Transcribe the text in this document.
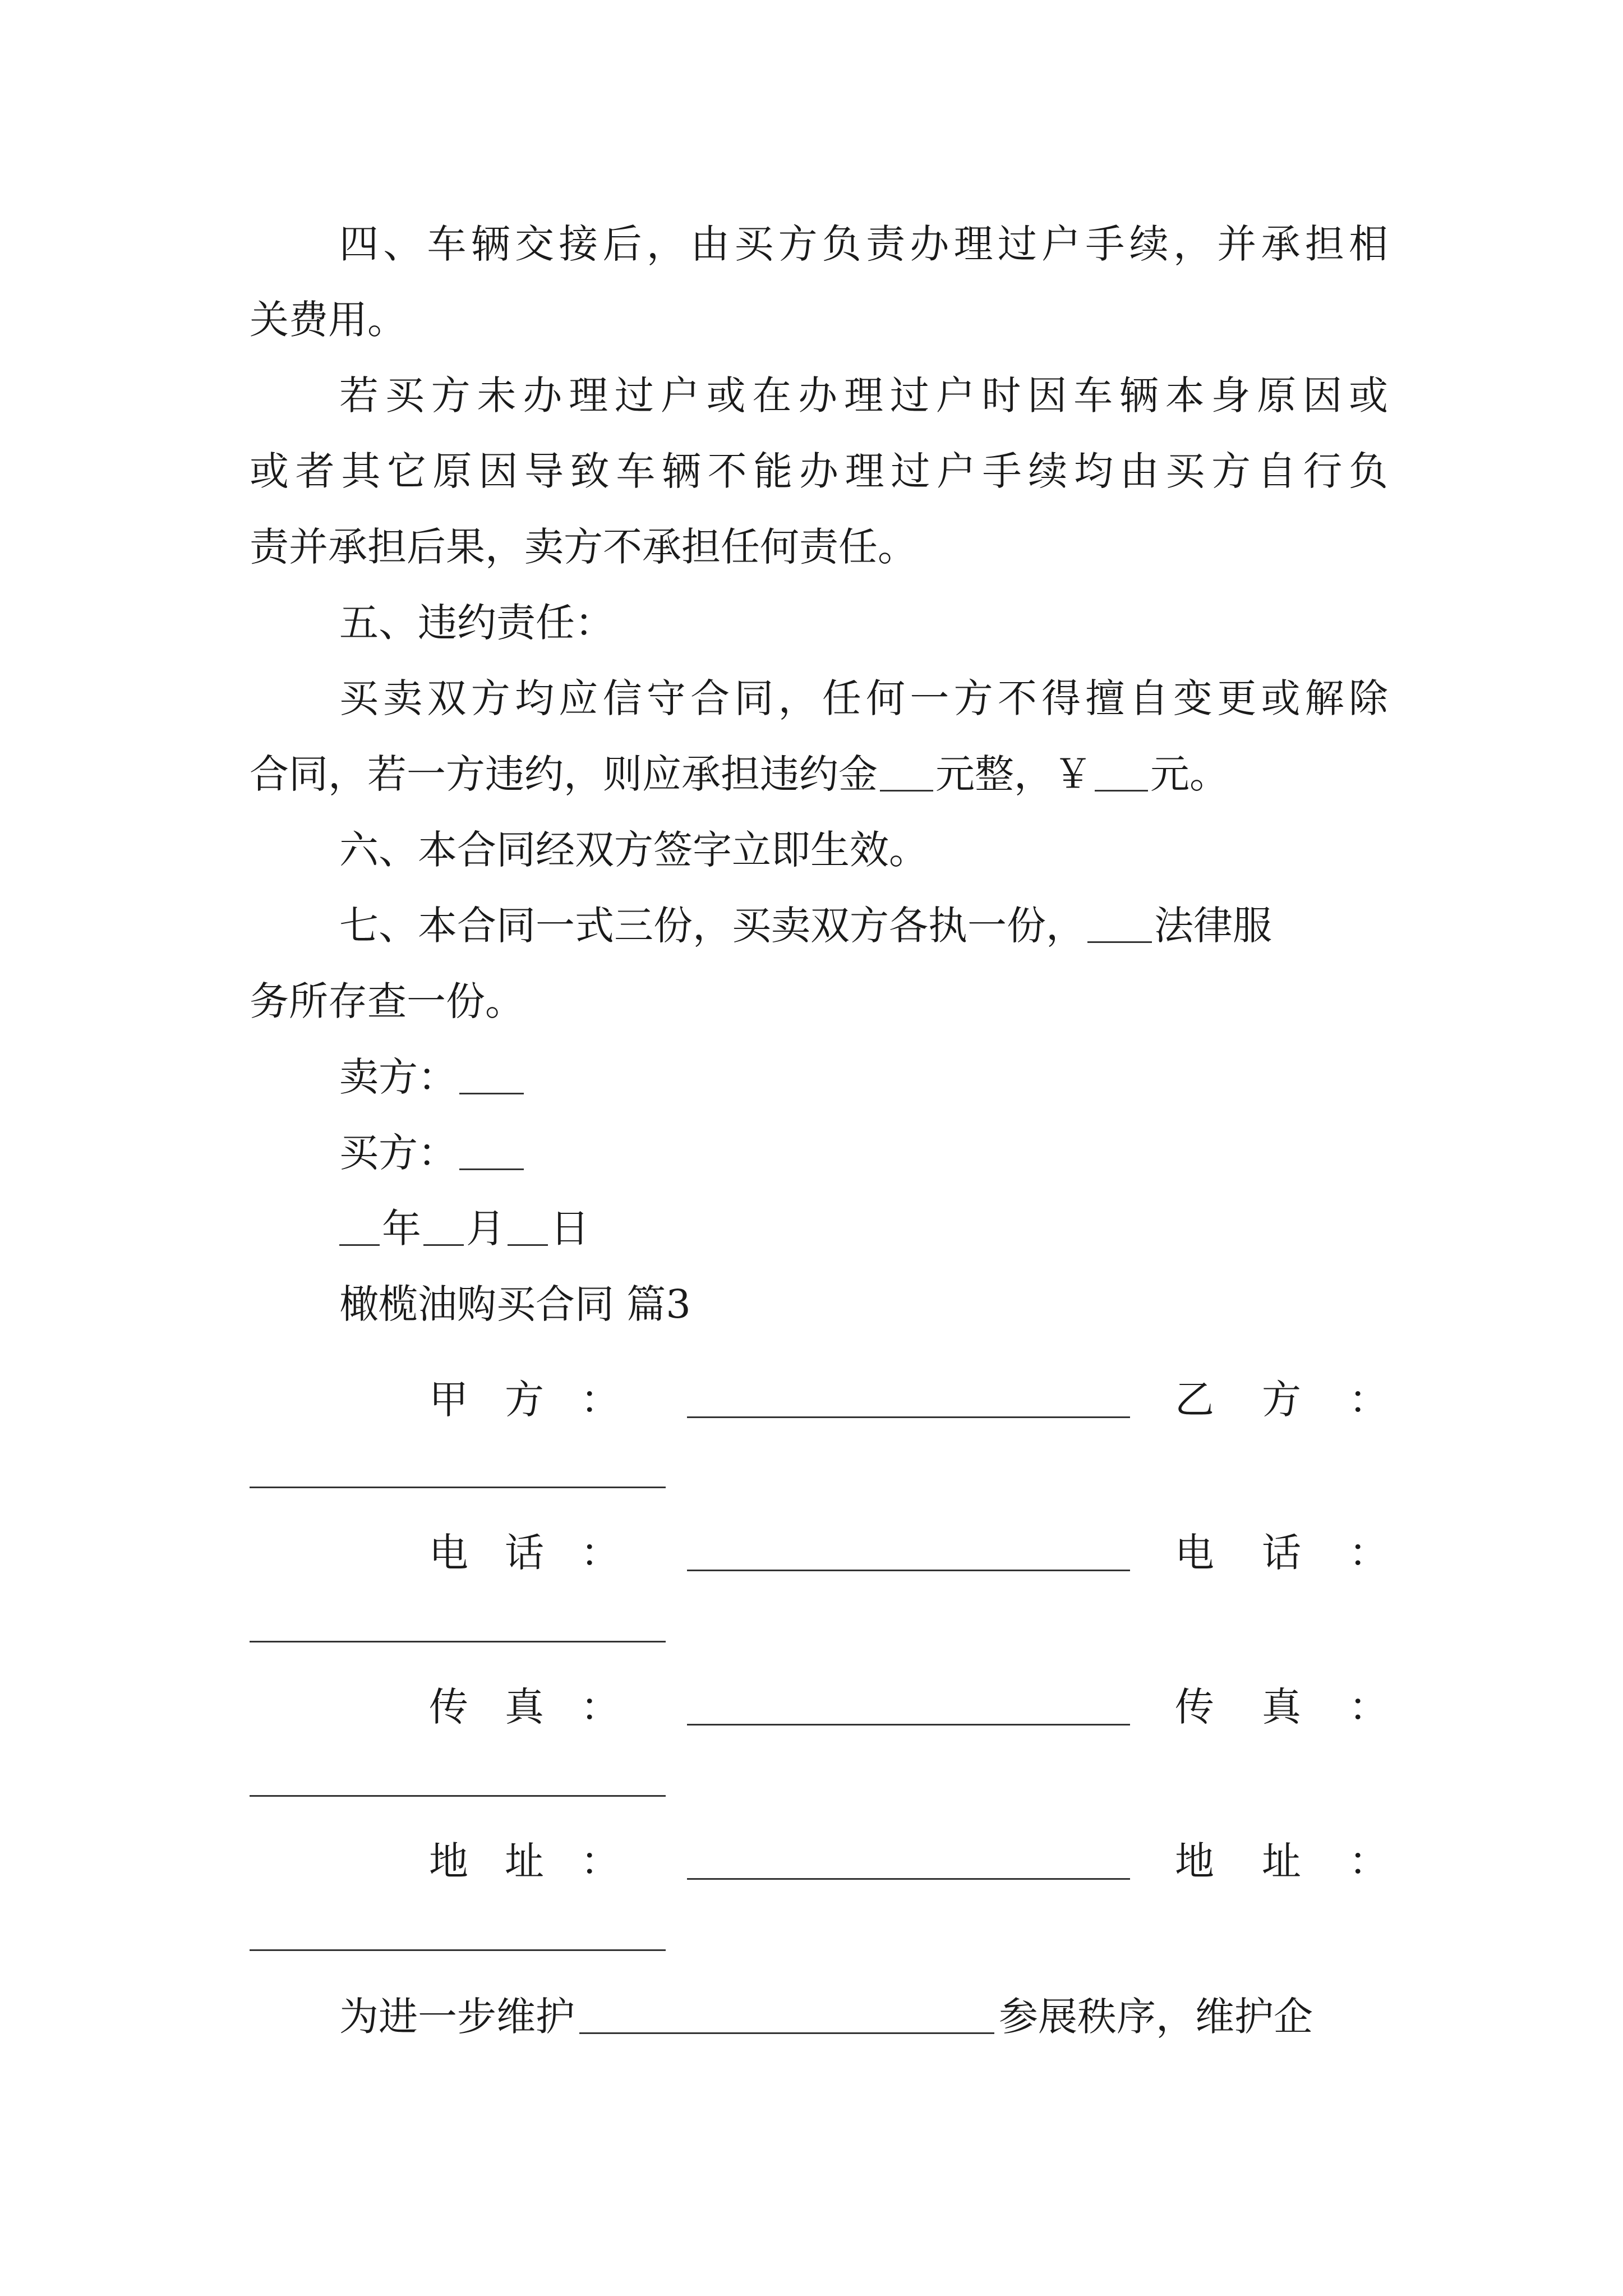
四、车辆交接后，由买方负责办理过户手续，并承担相
关费用。
若买方未办理过户或在办理过户时因车辆本身原因或
或者其它原因导致车辆不能办理过户手续均由买方自行负
责并承担后果，卖方不承担任何责任。
五、违约责任：
买卖双方均应信守合同，任何一方不得擅自变更或解除
合同，若一方违约，则应承担违约金 元整，￥ 元。
六、本合同经双方签字立即生效。
七、本合同一式三份，买卖双方各执一份， 法律服
务所存查一份。
卖方：
买方：
年 月 日
橄榄油购买合同 篇3
甲方：	乙方：
电话：	电话：
传真：	传真：
地址：	地址：
为进一步维护	参展秩序，维护企
